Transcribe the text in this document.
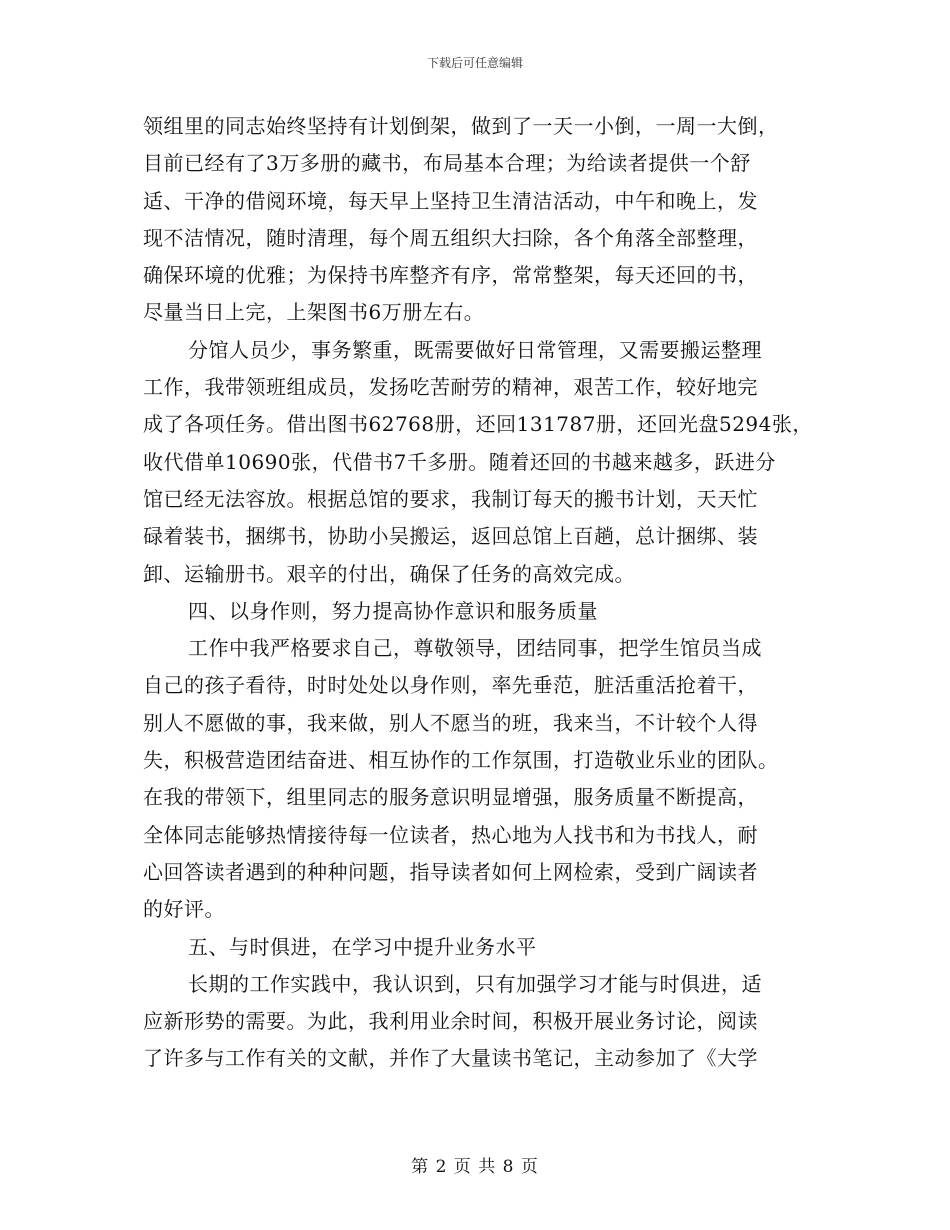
下载后可任意编辑
领组里的同志始终坚持有计划倒架，做到了一天一小倒，一周一大倒，
目前已经有了3万多册的藏书，布局基本合理；为给读者提供一个舒
适、干净的借阅环境，每天早上坚持卫生清洁活动，中午和晚上，发
现不洁情况，随时清理，每个周五组织大扫除，各个角落全部整理，
确保环境的优雅；为保持书库整齐有序，常常整架，每天还回的书，
尽量当日上完，上架图书6万册左右。
分馆人员少，事务繁重，既需要做好日常管理，又需要搬运整理
工作，我带领班组成员，发扬吃苦耐劳的精神，艰苦工作，较好地完
成了各项任务。借出图书62768册，还回131787册，还回光盘5294张，
收代借单10690张，代借书7千多册。随着还回的书越来越多，跃进分
馆已经无法容放。根据总馆的要求，我制订每天的搬书计划，天天忙
碌着装书，捆绑书，协助小吴搬运，返回总馆上百趟，总计捆绑、装
卸、运输册书。艰辛的付出，确保了任务的高效完成。
四、以身作则，努力提高协作意识和服务质量
工作中我严格要求自己，尊敬领导，团结同事，把学生馆员当成
自己的孩子看待，时时处处以身作则，率先垂范，脏活重活抢着干，
别人不愿做的事，我来做，别人不愿当的班，我来当，不计较个人得
失，积极营造团结奋进、相互协作的工作氛围，打造敬业乐业的团队。
在我的带领下，组里同志的服务意识明显增强，服务质量不断提高，
全体同志能够热情接待每一位读者，热心地为人找书和为书找人，耐
心回答读者遇到的种种问题，指导读者如何上网检索，受到广阔读者
的好评。
五、与时俱进，在学习中提升业务水平
长期的工作实践中，我认识到，只有加强学习才能与时俱进，适
应新形势的需要。为此，我利用业余时间，积极开展业务讨论，阅读
了许多与工作有关的文献，并作了大量读书笔记，主动参加了《大学
第 2 页 共 8 页
